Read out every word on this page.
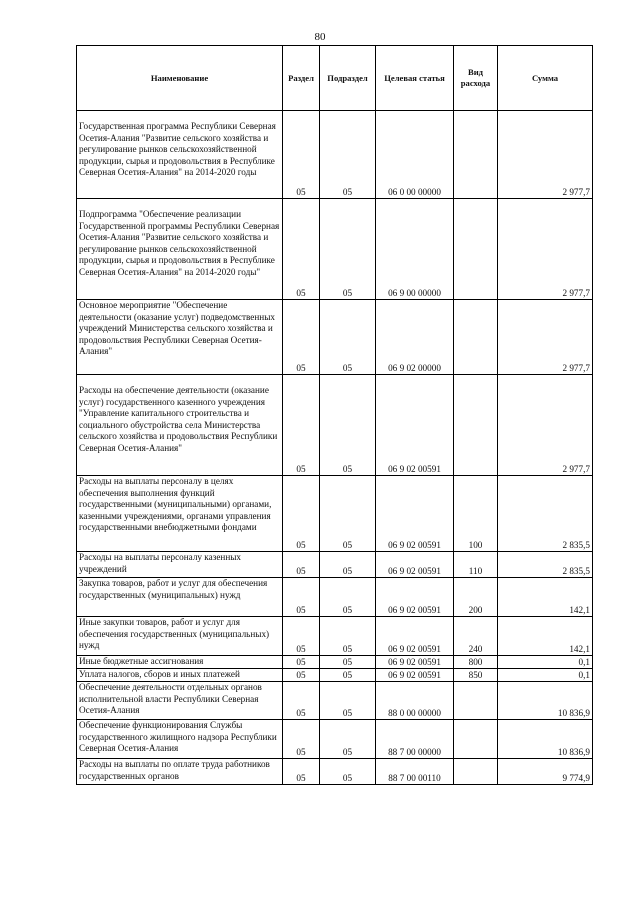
80
Наименование	Раздел	Подраздел	Целевая статья	Вид расхода	Сумма
Государственная программа Республики Северная Осетия-Алания "Развитие сельского хозяйства и регулирование рынков сельскохозяйственной продукции, сырья и продовольствия в Республике Северная Осетия-Алания" на 2014-2020 годы	05	05	06 0 00 00000		2 977,7
Подпрограмма "Обеспечение реализации Государственной программы Республики Северная Осетия-Алания "Развитие сельского хозяйства и регулирование рынков сельскохозяйственной продукции, сырья и продовольствия в Республике Северная Осетия-Алания" на 2014-2020 годы"	05	05	06 9 00 00000		2 977,7
Основное мероприятие "Обеспечение деятельности (оказание услуг) подведомственных учреждений Министерства сельского хозяйства и продовольствия Республики Северная Осетия-Алания"	05	05	06 9 02 00000		2 977,7
Расходы на обеспечение деятельности (оказание услуг) государственного казенного учреждения "Управление капитального строительства и социального обустройства села Министерства сельского хозяйства и продовольствия Республики Северная Осетия-Алания"	05	05	06 9 02 00591		2 977,7
Расходы на выплаты персоналу в целях обеспечения выполнения функций государственными (муниципальными) органами, казенными учреждениями, органами управления государственными внебюджетными фондами	05	05	06 9 02 00591	100	2 835,5
Расходы на выплаты персоналу казенных учреждений	05	05	06 9 02 00591	110	2 835,5
Закупка товаров, работ и услуг для обеспечения государственных (муниципальных) нужд	05	05	06 9 02 00591	200	142,1
Иные закупки товаров, работ и услуг для обеспечения государственных (муниципальных) нужд	05	05	06 9 02 00591	240	142,1
Иные бюджетные ассигнования	05	05	06 9 02 00591	800	0,1
Уплата налогов, сборов и иных платежей	05	05	06 9 02 00591	850	0,1
Обеспечение деятельности отдельных органов исполнительной власти Республики Северная Осетия-Алания	05	05	88 0 00 00000		10 836,9
Обеспечение функционирования Службы государственного жилищного надзора Республики Северная Осетия-Алания	05	05	88 7 00 00000		10 836,9
Расходы на выплаты по оплате труда работников государственных органов	05	05	88 7 00 00110		9 774,9
